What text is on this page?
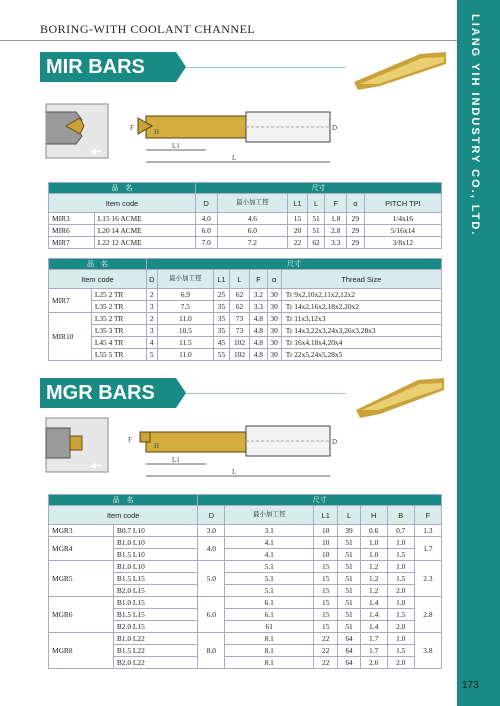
LIANG YIH INDUSTRY CO., LTD.
173
BORING-WITH COOLANT CHANNEL
MIR BARS
◀━
F	H
L1
L
D
品　名		尺寸						
Item code		D	最小加工徑	L1	L	F	α	PITCH TPI
MIR3	L15 16 ACME	4.0	4.6	15	51	1.8	29	1/4x16
MIR6	L20 14 ACME	6.0	6.0	20	51	2.8	29	5/16x14
MIR7	L22 12 ACME	7.0	7.2	22	62	3.3	29	3/8x12
品　名		尺寸						
Item code		D	最小加工徑	L1	L	F	α	Thread Size
MIR7	L25 2 TR	2	6.9	25	62	3.2	30	Tr 9x2,10x2,11x2,12x2
	L35 2 TR	3	7.5	35	62	3.3	30	Tr 14x2,16x2,18x2,20x2
MIR10	L35 2 TR	2	11.0	35	73	4.8	30	Tr 11x3,12x3
	L35 3 TR	3	10.5	35	73	4.8	30	Tr 14x3,22x3,24x3,26x3,28x3
	L45 4 TR	4	11.5	45	102	4.8	30	Tr 16x4,18x4,20x4
	L55 5 TR	5	11.0	55	102	4.8	30	Tr 22x5,24x5,28x5
MGR BARS
◀━
F
H
L1
L
D
品　名		尺寸						
Item code		D	最小加工徑	L1	L	H	B	F
MGR3	B0.7 L10	3.0	3.1	10	39	0.6	0.7	1.3
MGR4	B1.0 L10	4.0	4.1	10	51	1.0	1.0	1.7
	B1.5 L10		4.1	10	51	1.0	1.5	
MGR5	B1.0 L10	5.0	5.1	15	51	1.2	1.0	2.3
	B1.5 L15		5.1	15	51	1.2	1.5	
	B2.0 L15		5.1	15	51	1.2	2.0	
MGR6	B1.0 L15	6.0	6.1	15	51	1.4	1.0	2.8
	B1.5 L15		6.1	15	51	1.4	1.5	
	B2.0 L15		61	15	51	1.4	2.0	
MGR8	B1.0 L22	8.0	8.1	22	64	1.7	1.0	3.8
	B1.5 L22		8.1	22	64	1.7	1.5	
	B2.0 L22		8.1	22	64	2.6	2.0	
